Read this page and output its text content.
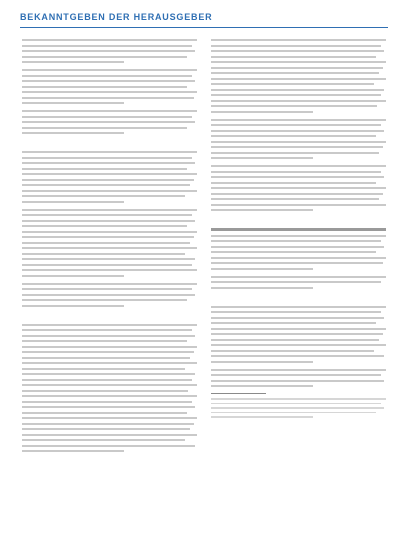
BEKANNTGEBEN DER HERAUSGEBER
